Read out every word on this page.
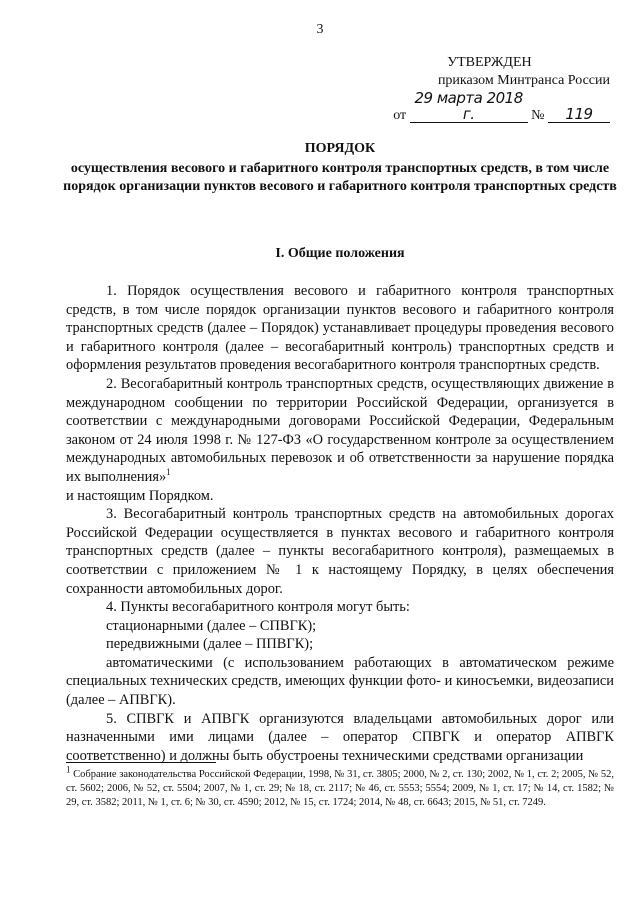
3
УТВЕРЖДЕН
приказом Минтранса России
от 29 марта 2018 г.	№ 119
ПОРЯДОК
осуществления весового и габаритного контроля транспортных средств, в том числе порядок организации пунктов весового и габаритного контроля транспортных средств
I. Общие положения

1. Порядок осуществления весового и габаритного контроля транспортных средств, в том числе порядок организации пунктов весового и габаритного контроля транспортных средств (далее – Порядок) устанавливает процедуры проведения весового и габаритного контроля (далее – весогабаритный контроль) транспортных средств и оформления результатов проведения весогабаритного контроля транспортных средств.

2. Весогабаритный контроль транспортных средств, осуществляющих движение в международном сообщении по территории Российской Федерации, организуется в соответствии с международными договорами Российской Федерации, Федеральным законом от 24 июля 1998 г. № 127-ФЗ «О государственном контроле за осуществлением международных автомобильных перевозок и об ответственности за нарушение порядка их выполнения»$^1$

и настоящим Порядком.

3. Весогабаритный контроль транспортных средств на автомобильных дорогах Российской Федерации осуществляется в пунктах весового и габаритного контроля транспортных средств (далее – пункты весогабаритного контроля), размещаемых в соответствии с приложением № 1 к настоящему Порядку, в целях обеспечения сохранности автомобильных дорог.

4. Пункты весогабаритного контроля могут быть:

стационарными (далее – СПВГК);

передвижными (далее – ППВГК);

автоматическими (с использованием работающих в автоматическом режиме специальных технических средств, имеющих функции фото- и киносъемки, видеозаписи (далее – АПВГК).

5. СПВГК и АПВГК организуются владельцами автомобильных дорог или назначенными ими лицами (далее – оператор СПВГК и оператор АПВГК соответственно) и должны быть обустроены техническими средствами организации

$^1$ Собрание законодательства Российской Федерации, 1998, № 31, ст. 3805; 2000, № 2, ст. 130; 2002, № 1, ст. 2; 2005, № 52, ст. 5602; 2006, № 52, ст. 5504; 2007, № 1, ст. 29; № 18, ст. 2117; № 46, ст. 5553; 5554; 2009, № 1, ст. 17; № 14, ст. 1582; № 29, ст. 3582; 2011, № 1, ст. 6; № 30, ст. 4590; 2012, № 15, ст. 1724; 2014, № 48, ст. 6643; 2015, № 51, ст. 7249.
